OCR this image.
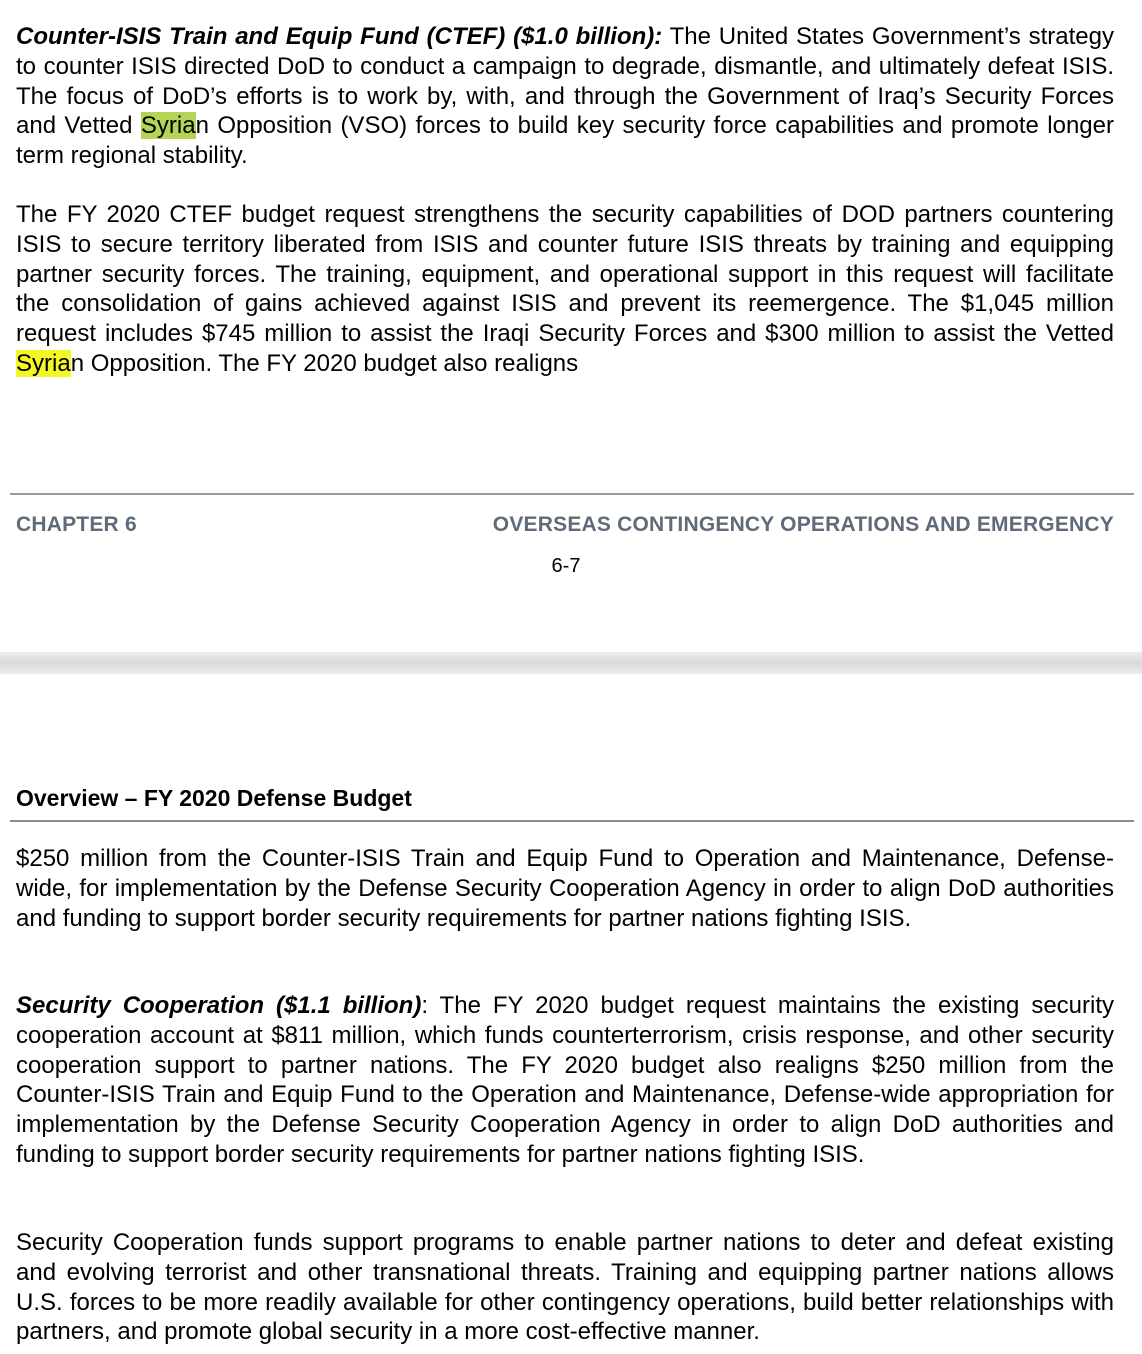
Counter-ISIS Train and Equip Fund (CTEF) ($1.0 billion): The United States Government’s strategy to counter ISIS directed DoD to conduct a campaign to degrade, dismantle, and ultimately defeat ISIS. The focus of DoD’s efforts is to work by, with, and through the Government of Iraq’s Security Forces and Vetted Syrian Opposition (VSO) forces to build key security force capabilities and promote longer term regional stability.

The FY 2020 CTEF budget request strengthens the security capabilities of DOD partners countering ISIS to secure territory liberated from ISIS and counter future ISIS threats by training and equipping partner security forces. The training, equipment, and operational support in this request will facilitate the consolidation of gains achieved against ISIS and prevent its reemergence. The $1,045 million request includes $745 million to assist the Iraqi Security Forces and $300 million to assist the Vetted Syrian Opposition. The FY 2020 budget also realigns

CHAPTER 6	OVERSEAS CONTINGENCY OPERATIONS AND EMERGENCY
6-7
Overview – FY 2020 Defense Budget

$250 million from the Counter-ISIS Train and Equip Fund to Operation and Maintenance, Defense-wide, for implementation by the Defense Security Cooperation Agency in order to align DoD authorities and funding to support border security requirements for partner nations fighting ISIS.

Security Cooperation ($1.1 billion): The FY 2020 budget request maintains the existing security cooperation account at $811 million, which funds counterterrorism, crisis response, and other security cooperation support to partner nations. The FY 2020 budget also realigns $250 million from the Counter-ISIS Train and Equip Fund to the Operation and Maintenance, Defense-wide appropriation for implementation by the Defense Security Cooperation Agency in order to align DoD authorities and funding to support border security requirements for partner nations fighting ISIS.

Security Cooperation funds support programs to enable partner nations to deter and defeat existing and evolving terrorist and other transnational threats. Training and equipping partner nations allows U.S. forces to be more readily available for other contingency operations, build better relationships with partners, and promote global security in a more cost-effective manner.
